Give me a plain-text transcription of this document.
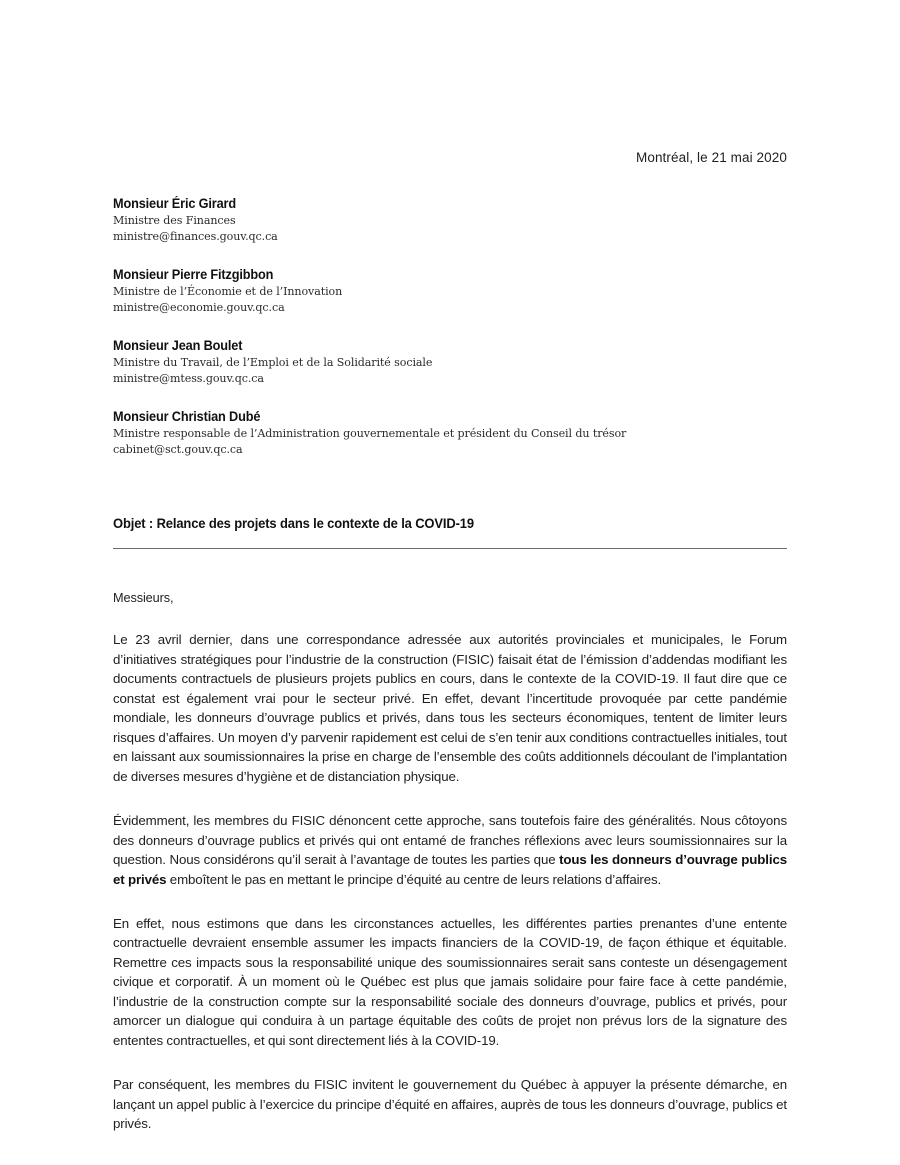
Montréal, le 21 mai 2020
Monsieur Éric Girard
Ministre des Finances
ministre@finances.gouv.qc.ca
Monsieur Pierre Fitzgibbon
Ministre de l’Économie et de l’Innovation
ministre@economie.gouv.qc.ca
Monsieur Jean Boulet
Ministre du Travail, de l’Emploi et de la Solidarité sociale
ministre@mtess.gouv.qc.ca
Monsieur Christian Dubé
Ministre responsable de l’Administration gouvernementale et président du Conseil du trésor
cabinet@sct.gouv.qc.ca
Objet : Relance des projets dans le contexte de la COVID-19
Messieurs,

Le 23 avril dernier, dans une correspondance adressée aux autorités provinciales et municipales, le Forum d’initiatives stratégiques pour l’industrie de la construction (FISIC) faisait état de l’émission d’addendas modifiant les documents contractuels de plusieurs projets publics en cours, dans le contexte de la COVID-19. Il faut dire que ce constat est également vrai pour le secteur privé. En effet, devant l’incertitude provoquée par cette pandémie mondiale, les donneurs d’ouvrage publics et privés, dans tous les secteurs économiques, tentent de limiter leurs risques d’affaires. Un moyen d’y parvenir rapidement est celui de s’en tenir aux conditions contractuelles initiales, tout en laissant aux soumissionnaires la prise en charge de l’ensemble des coûts additionnels découlant de l’implantation de diverses mesures d’hygiène et de distanciation physique.

Évidemment, les membres du FISIC dénoncent cette approche, sans toutefois faire des généralités. Nous côtoyons des donneurs d’ouvrage publics et privés qui ont entamé de franches réflexions avec leurs soumissionnaires sur la question. Nous considérons qu’il serait à l’avantage de toutes les parties que tous les donneurs d’ouvrage publics et privés emboîtent le pas en mettant le principe d’équité au centre de leurs relations d’affaires.

En effet, nous estimons que dans les circonstances actuelles, les différentes parties prenantes d’une entente contractuelle devraient ensemble assumer les impacts financiers de la COVID-19, de façon éthique et équitable. Remettre ces impacts sous la responsabilité unique des soumissionnaires serait sans conteste un désengagement civique et corporatif. À un moment où le Québec est plus que jamais solidaire pour faire face à cette pandémie, l’industrie de la construction compte sur la responsabilité sociale des donneurs d’ouvrage, publics et privés, pour amorcer un dialogue qui conduira à un partage équitable des coûts de projet non prévus lors de la signature des ententes contractuelles, et qui sont directement liés à la COVID-19.

Par conséquent, les membres du FISIC invitent le gouvernement du Québec à appuyer la présente démarche, en lançant un appel public à l’exercice du principe d’équité en affaires, auprès de tous les donneurs d’ouvrage, publics et privés.
